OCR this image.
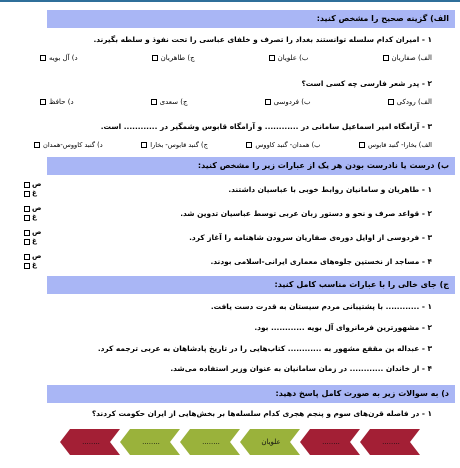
الف) گزینه صحیح را مشخص کنید:
۱ - امیران کدام سلسله توانستند بغداد را تصرف و خلفای عباسی را تحت نفوذ و سلطه بگیرند.
الف) صفاریان
ب) علویان
ج) طاهریان
د) آل بویه
۲ - پدر شعر فارسی چه کسی است؟
الف) رودکی
ب) فردوسی
ج) سعدی
د) حافظ
۳ - آرامگاه امیر اسماعیل سامانی در ............ و آرامگاه قابوس وشمگیر در ............ است.
الف) بخارا- گنبد قابوس
ب) همدان- گنبد کاووس
ج) گنبد قابوس- بخارا
د) گنبد کاووس-همدان
ب) درست یا نادرست بودن هر یک از عبارات زیر را مشخص کنید:
۱ - طاهریان و سامانیان روابط خوبی با عباسیان داشتند.
ص
غ
۲ - قواعد صرف و نحو و دستور زبان عربی توسط عباسیان تدوین شد.
ص
غ
۳ - فردوسی از اوایل دوره‌ی صفاریان سرودن شاهنامه را آغاز کرد.
ص
غ
۴ - مساجد از نخستین جلوه‌های معماری ایرانی-اسلامی بودند.
ص
غ
ج) جای خالی را با عبارات مناسب کامل کنید:
۱ - ............ با پشتیبانی مردم سیستان به قدرت دست یافت.
۲ - مشهورترین فرمانروای آل بویه ............ بود.
۳ - عبداله بن مقفع مشهور به ............ کتاب‌هایی را در تاریخ پادشاهان به عربی ترجمه کرد.
۴ - از خاندان ............ در زمان سامانیان به عنوان وزیر استفاده می‌شد.
د) به سوالات زیر به صورت کامل پاسخ دهید:
۱ - در فاصله قرن‌های سوم و پنجم هجری کدام سلسله‌ها بر بخش‌هایی از ایران حکومت کردند؟
........
........
علویان
........
........
........
